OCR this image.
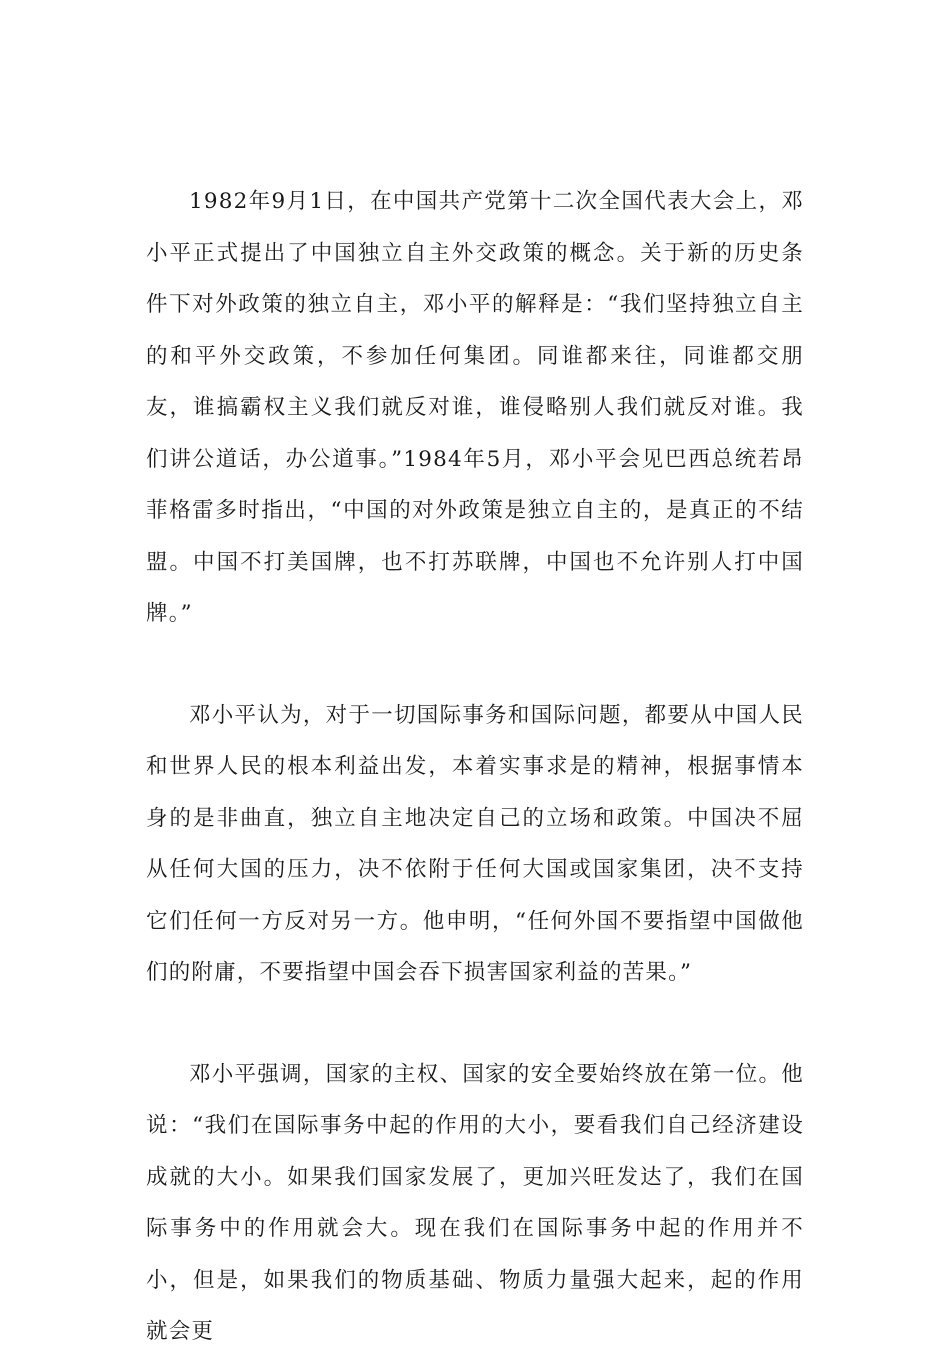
1982年9月1日，在中国共产党第十二次全国代表大会上，邓小平正式提出了中国独立自主外交政策的概念。关于新的历史条件下对外政策的独立自主，邓小平的解释是：“我们坚持独立自主的和平外交政策，不参加任何集团。同谁都来往，同谁都交朋友，谁搞霸权主义我们就反对谁，谁侵略别人我们就反对谁。我们讲公道话，办公道事。”1984年5月，邓小平会见巴西总统若昂菲格雷多时指出，“中国的对外政策是独立自主的，是真正的不结盟。中国不打美国牌，也不打苏联牌，中国也不允许别人打中国牌。”

邓小平认为，对于一切国际事务和国际问题，都要从中国人民和世界人民的根本利益出发，本着实事求是的精神，根据事情本身的是非曲直，独立自主地决定自己的立场和政策。中国决不屈从任何大国的压力，决不依附于任何大国或国家集团，决不支持它们任何一方反对另一方。他申明，“任何外国不要指望中国做他们的附庸，不要指望中国会吞下损害国家利益的苦果。”

邓小平强调，国家的主权、国家的安全要始终放在第一位。他说：“我们在国际事务中起的作用的大小，要看我们自己经济建设成就的大小。如果我们国家发展了，更加兴旺发达了，我们在国际事务中的作用就会大。现在我们在国际事务中起的作用并不小，但是，如果我们的物质基础、物质力量强大起来，起的作用就会更
